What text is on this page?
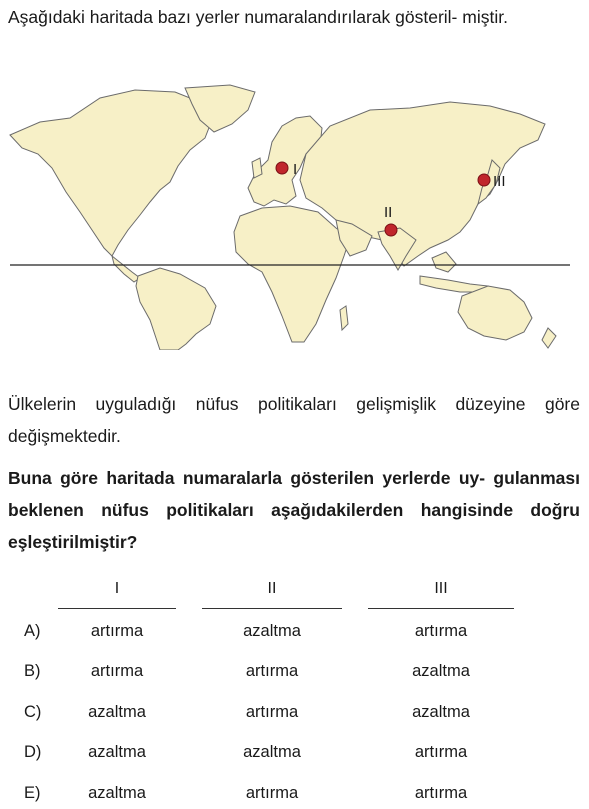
Aşağıdaki haritada bazı yerler numaralandırılarak gösteril- miştir.

I
II
III

Ülkelerin uyguladığı nüfus politikaları gelişmişlik düzeyine göre değişmektedir.

Buna göre haritada numaralarla gösterilen yerlerde uy- gulanması beklenen nüfus politikaları aşağıdakilerden hangisinde doğru eşleştirilmiştir?

I	II	III
A)	artırma	azaltma	artırma
B)	artırma	artırma	azaltma
C)	azaltma	artırma	azaltma
D)	azaltma	azaltma	artırma
E)	azaltma	artırma	artırma
